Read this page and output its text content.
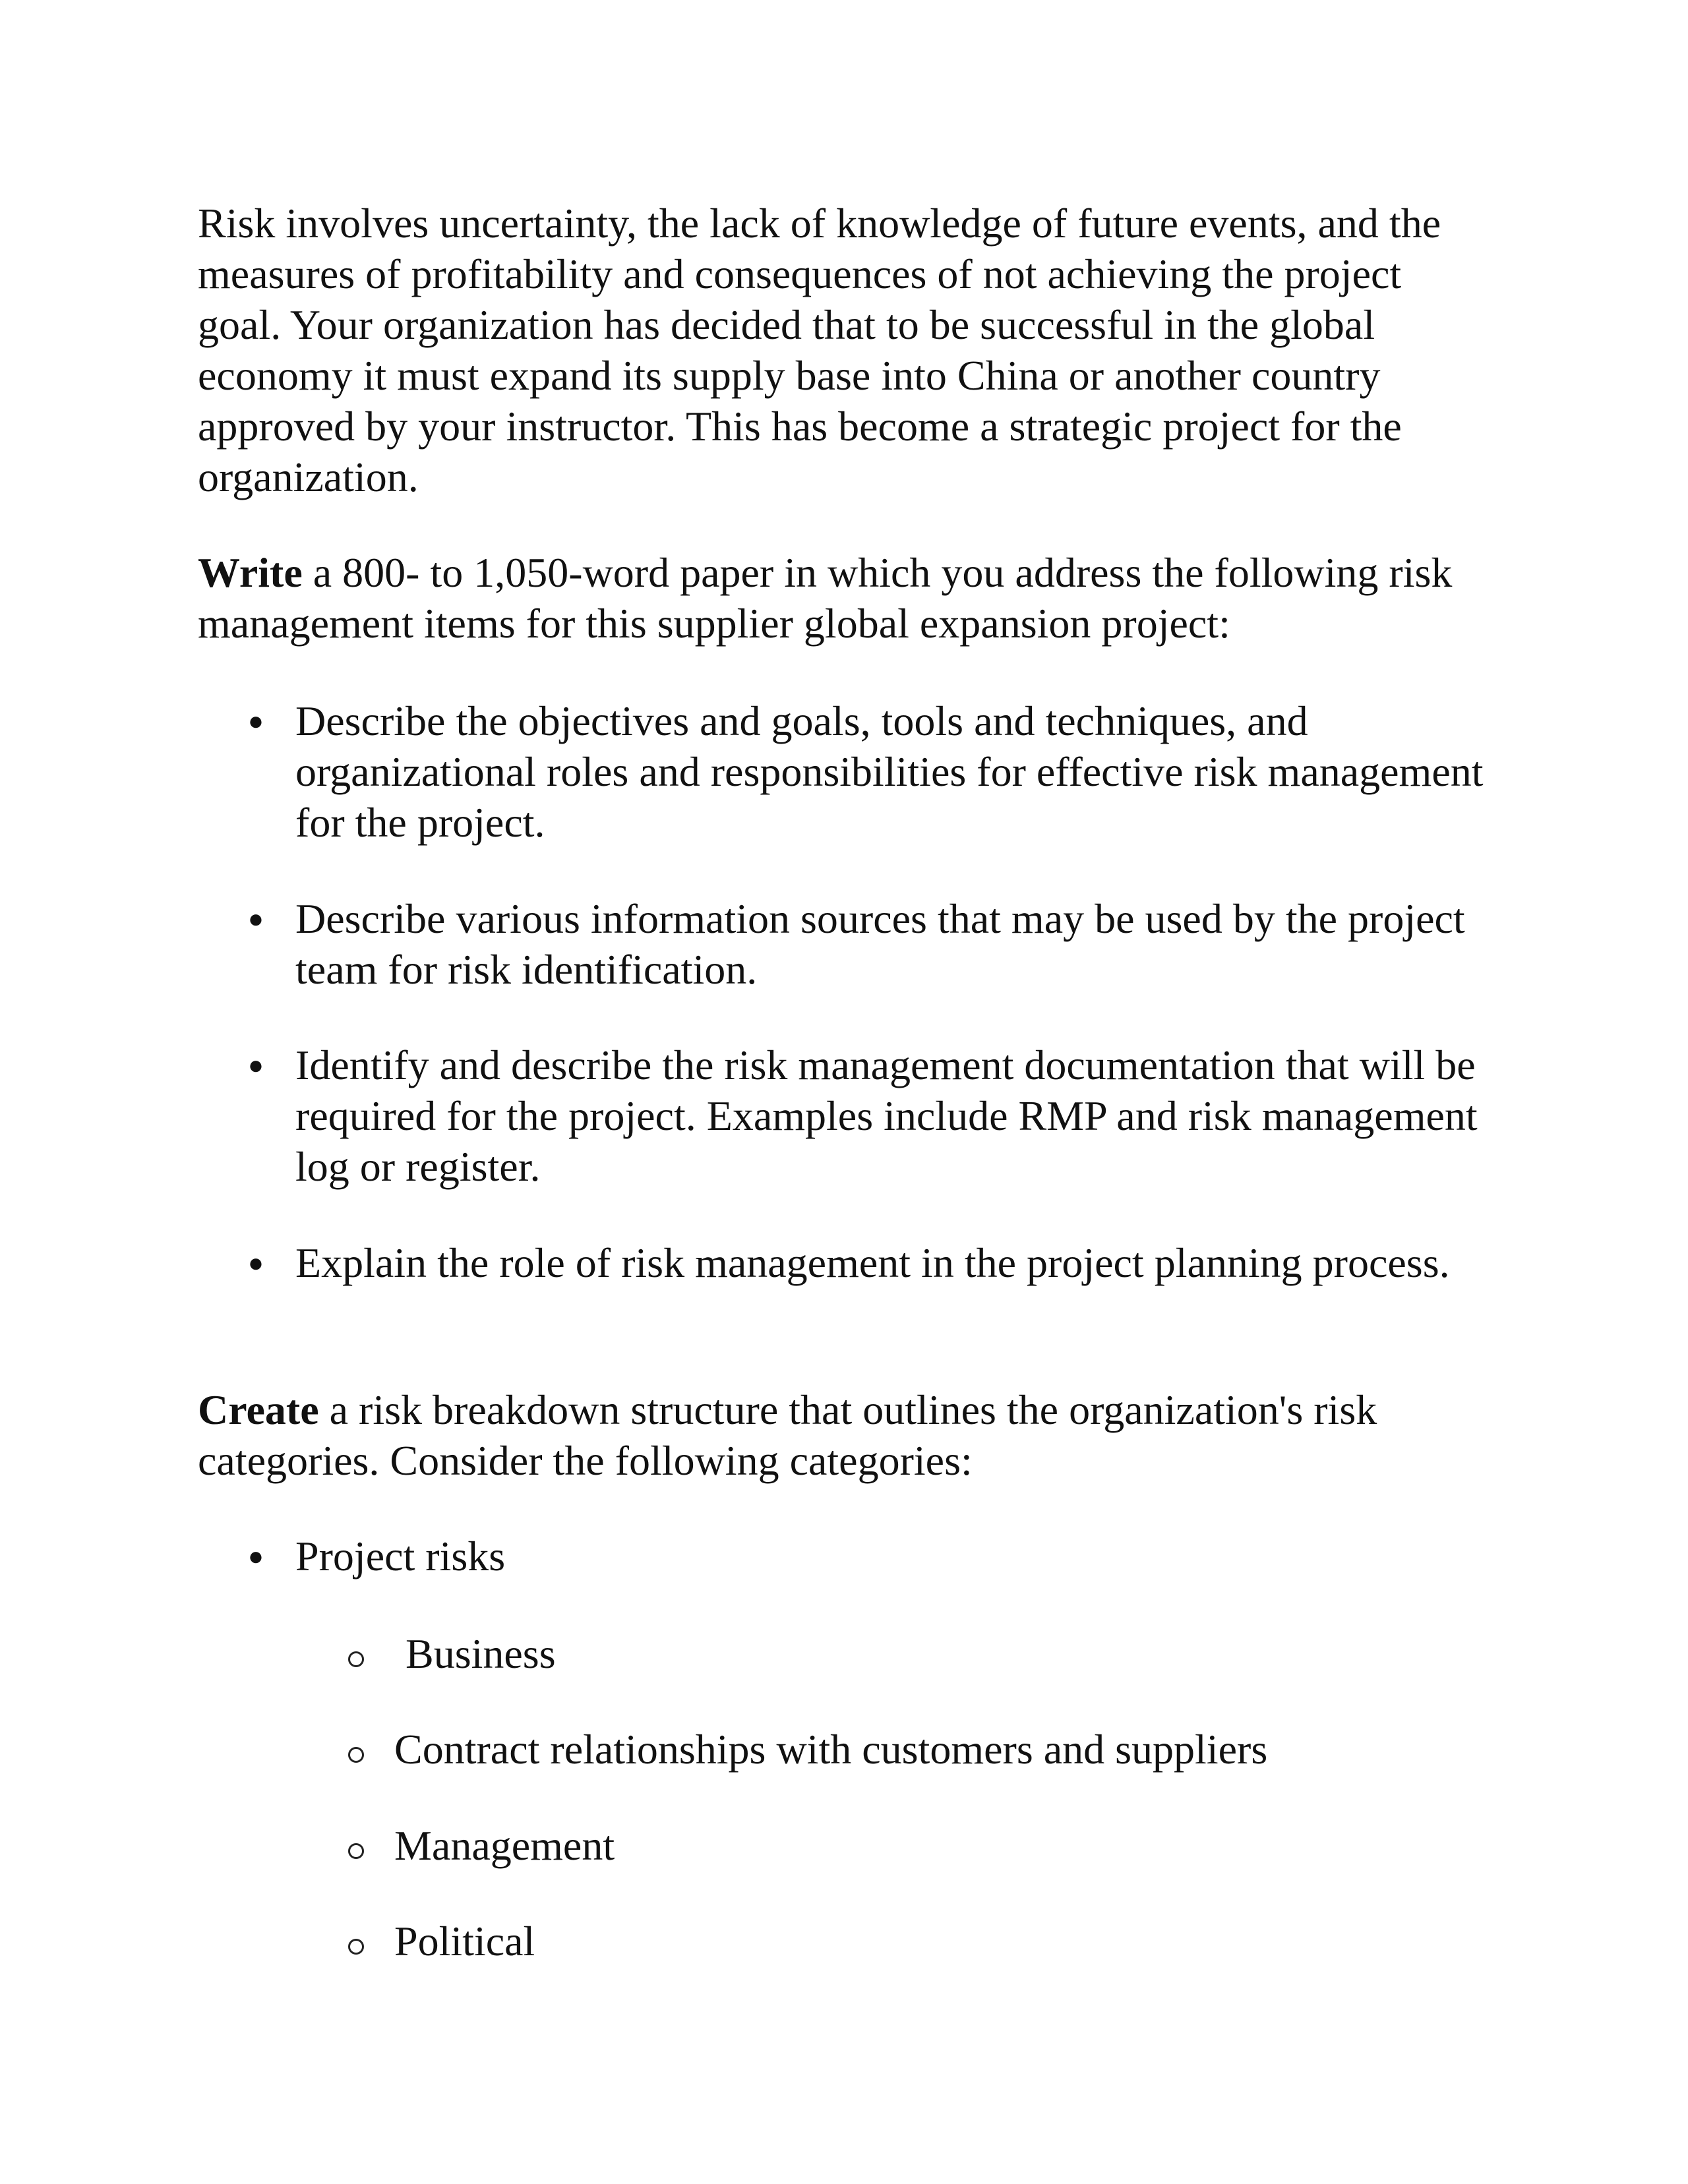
Risk involves uncertainty, the lack of knowledge of future events, and the measures of profitability and consequences of not achieving the project goal. Your organization has decided that to be successful in the global economy it must expand its supply base into China or another country approved by your instructor. This has become a strategic project for the organization.

Write a 800- to 1,050-word paper in which you address the following risk management items for this supplier global expansion project:

● Describe the objectives and goals, tools and techniques, and organizational roles and responsibilities for effective risk management for the project.
● Describe various information sources that may be used by the project team for risk identification.
● Identify and describe the risk management documentation that will be required for the project. Examples include RMP and risk management log or register.
● Explain the role of risk management in the project planning process.

Create a risk breakdown structure that outlines the organization's risk categories. Consider the following categories:

● Project risks
Business
Contract relationships with customers and suppliers
Management
Political
